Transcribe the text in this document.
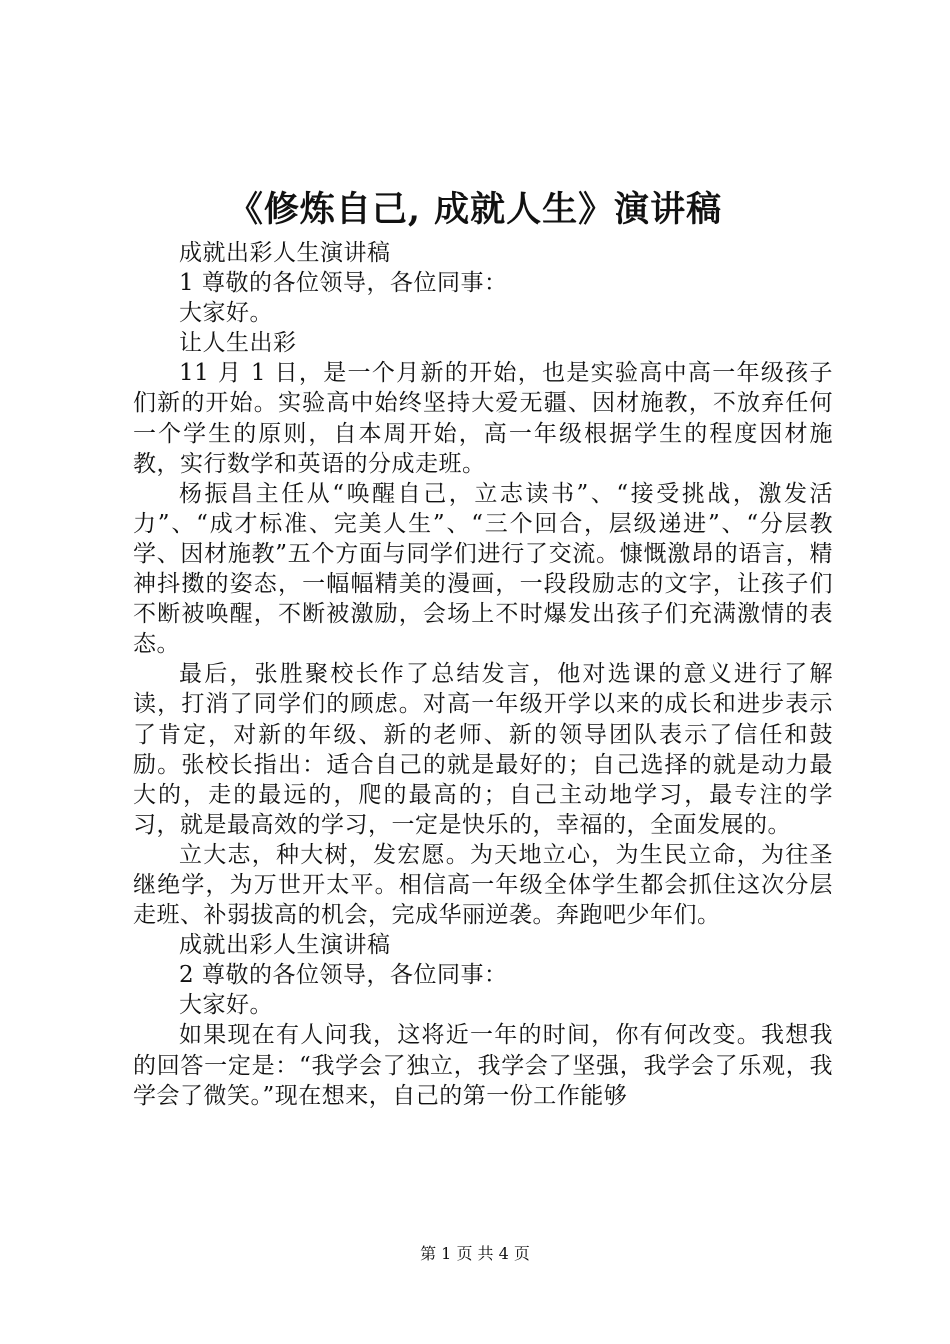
《修炼自己, 成就人生》演讲稿

成就出彩人生演讲稿

1 尊敬的各位领导，各位同事：

大家好。

让人生出彩

11 月 1 日，是一个月新的开始，也是实验高中高一年级孩子们新的开始。实验高中始终坚持大爱无疆、因材施教，不放弃任何一个学生的原则，自本周开始，高一年级根据学生的程度因材施教，实行数学和英语的分成走班。

杨振昌主任从“唤醒自己，立志读书”、“接受挑战，激发活力”、“成才标准、完美人生”、“三个回合，层级递进”、“分层教学、因材施教”五个方面与同学们进行了交流。慷慨激昂的语言，精神抖擞的姿态，一幅幅精美的漫画，一段段励志的文字，让孩子们不断被唤醒，不断被激励，会场上不时爆发出孩子们充满激情的表态。

最后，张胜聚校长作了总结发言，他对选课的意义进行了解读，打消了同学们的顾虑。对高一年级开学以来的成长和进步表示了肯定，对新的年级、新的老师、新的领导团队表示了信任和鼓励。张校长指出：适合自己的就是最好的；自己选择的就是动力最大的，走的最远的，爬的最高的；自己主动地学习，最专注的学习，就是最高效的学习，一定是快乐的，幸福的，全面发展的。

立大志，种大树，发宏愿。为天地立心，为生民立命，为往圣继绝学，为万世开太平。相信高一年级全体学生都会抓住这次分层走班、补弱拔高的机会，完成华丽逆袭。奔跑吧少年们。

成就出彩人生演讲稿

2 尊敬的各位领导，各位同事：

大家好。

如果现在有人问我，这将近一年的时间，你有何改变。我想我的回答一定是：“我学会了独立，我学会了坚强，我学会了乐观，我学会了微笑。”现在想来，自己的第一份工作能够

第 1 页 共 4 页
